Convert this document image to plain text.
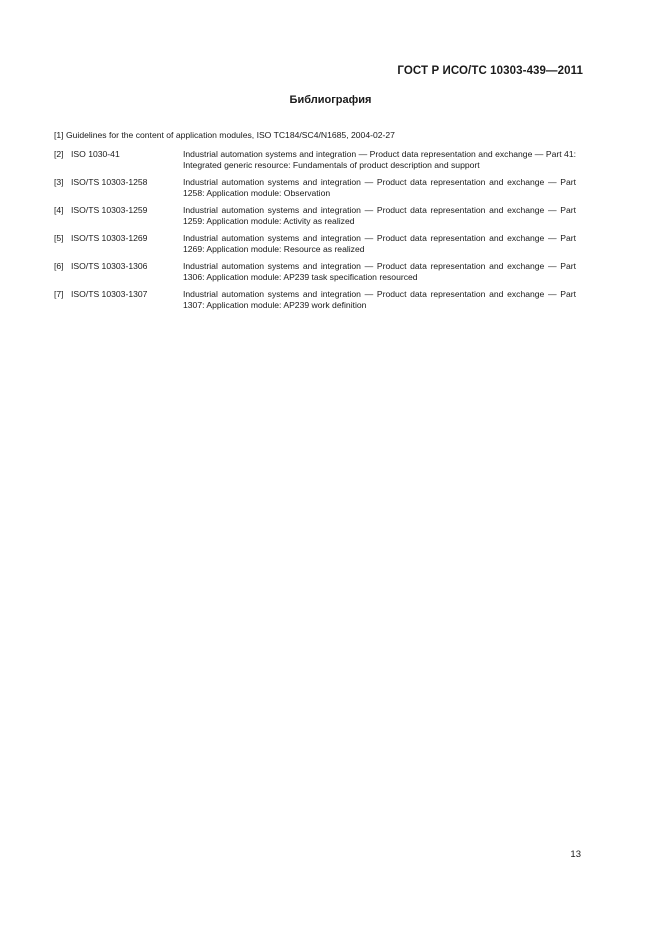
ГОСТ Р ИСО/ТС 10303-439—2011
Библиография
[1] Guidelines for the content of application modules, ISO TC184/SC4/N1685, 2004-02-27
[2] ISO 1030-41	Industrial automation systems and integration — Product data representation and exchange — Part 41: Integrated generic resource: Fundamentals of product description and support
[3] ISO/TS 10303-1258	Industrial automation systems and integration — Product data representation and exchange — Part 1258: Application module: Observation
[4] ISO/TS 10303-1259	Industrial automation systems and integration — Product data representation and exchange — Part 1259: Application module: Activity as realized
[5] ISO/TS 10303-1269	Industrial automation systems and integration — Product data representation and exchange — Part 1269: Application module: Resource as realized
[6] ISO/TS 10303-1306	Industrial automation systems and integration — Product data representation and exchange — Part 1306: Application module: AP239 task specification resourced
[7] ISO/TS 10303-1307	Industrial automation systems and integration — Product data representation and exchange — Part 1307: Application module: AP239 work definition
13
